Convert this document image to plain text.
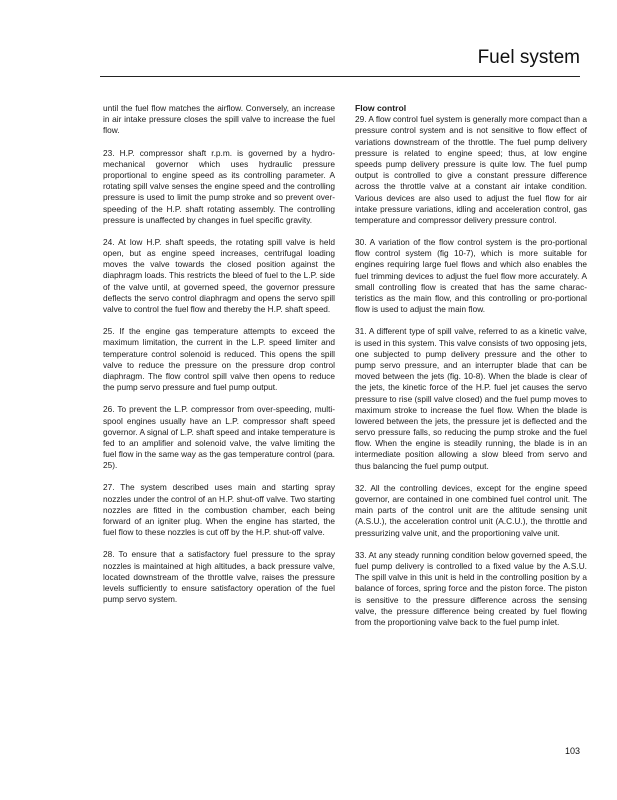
Fuel system

until the fuel flow matches the airflow. Conversely, an increase in air intake pressure closes the spill valve to increase the fuel flow.

23. H.P. compressor shaft r.p.m. is governed by a hydro-mechanical governor which uses hydraulic pressure proportional to engine speed as its controlling parameter. A rotating spill valve senses the engine speed and the controlling pressure is used to limit the pump stroke and so prevent over-speeding of the H.P. shaft rotating assembly. The controlling pressure is unaffected by changes in fuel specific gravity.

24. At low H.P. shaft speeds, the rotating spill valve is held open, but as engine speed increases, centrifugal loading moves the valve towards the closed position against the diaphragm loads. This restricts the bleed of fuel to the L.P. side of the valve until, at governed speed, the governor pressure deflects the servo control diaphragm and opens the servo spill valve to control the fuel flow and thereby the H.P. shaft speed.

25. If the engine gas temperature attempts to exceed the maximum limitation, the current in the L.P. speed limiter and temperature control solenoid is reduced. This opens the spill valve to reduce the pressure on the pressure drop control diaphragm. The flow control spill valve then opens to reduce the pump servo pressure and fuel pump output.

26. To prevent the L.P. compressor from over-speeding, multi-spool engines usually have an L.P. compressor shaft speed governor. A signal of L.P. shaft speed and intake temperature is fed to an amplifier and solenoid valve, the valve limiting the fuel flow in the same way as the gas temperature control (para. 25).

27. The system described uses main and starting spray nozzles under the control of an H.P. shut-off valve. Two starting nozzles are fitted in the combustion chamber, each being forward of an igniter plug. When the engine has started, the fuel flow to these nozzles is cut off by the H.P. shut-off valve.

28. To ensure that a satisfactory fuel pressure to the spray nozzles is maintained at high altitudes, a back pressure valve, located downstream of the throttle valve, raises the pressure levels sufficiently to ensure satisfactory operation of the fuel pump servo system.

Flow control

29. A flow control fuel system is generally more compact than a pressure control system and is not sensitive to flow effect of variations downstream of the throttle. The fuel pump delivery pressure is related to engine speed; thus, at low engine speeds pump delivery pressure is quite low. The fuel pump output is controlled to give a constant pressure difference across the throttle valve at a constant air intake condition. Various devices are also used to adjust the fuel flow for air intake pressure variations, idling and acceleration control, gas temperature and compressor delivery pressure control.

30. A variation of the flow control system is the pro-portional flow control system (fig 10-7), which is more suitable for engines requiring large fuel flows and which also enables the fuel trimming devices to adjust the fuel flow more accurately. A small controlling flow is created that has the same charac-teristics as the main flow, and this controlling or pro-portional flow is used to adjust the main flow.

31. A different type of spill valve, referred to as a kinetic valve, is used in this system. This valve consists of two opposing jets, one subjected to pump delivery pressure and the other to pump servo pressure, and an interrupter blade that can be moved between the jets (fig. 10-8). When the blade is clear of the jets, the kinetic force of the H.P. fuel jet causes the servo pressure to rise (spill valve closed) and the fuel pump moves to maximum stroke to increase the fuel flow. When the blade is lowered between the jets, the pressure jet is deflected and the servo pressure falls, so reducing the pump stroke and the fuel flow. When the engine is steadily running, the blade is in an intermediate position allowing a slow bleed from servo and thus balancing the fuel pump output.

32. All the controlling devices, except for the engine speed governor, are contained in one combined fuel control unit. The main parts of the control unit are the altitude sensing unit (A.S.U.), the acceleration control unit (A.C.U.), the throttle and pressurizing valve unit, and the proportioning valve unit.

33. At any steady running condition below governed speed, the fuel pump delivery is controlled to a fixed value by the A.S.U. The spill valve in this unit is held in the controlling position by a balance of forces, spring force and the piston force. The piston is sensitive to the pressure difference across the sensing valve, the pressure difference being created by fuel flowing from the proportioning valve back to the fuel pump inlet.

103
